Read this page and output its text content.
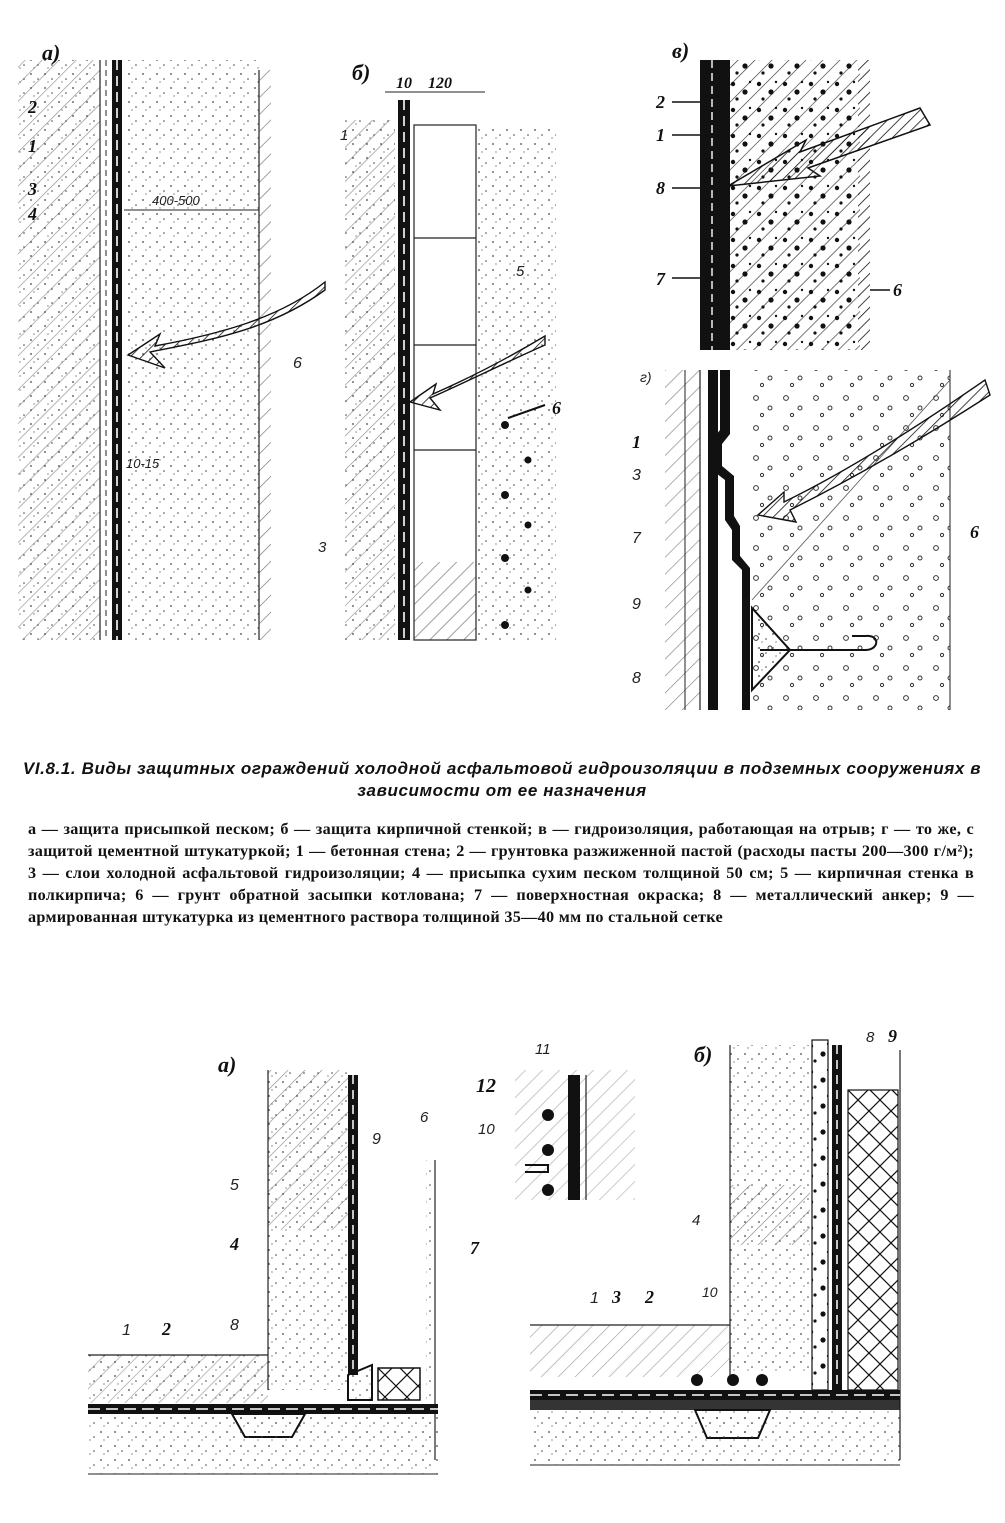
а)
2
1
3
4
6
400-500
10-15
б) 10 120
1
5
6
3
в)
2
1
8
7
6
г)
1
3
7
9
8
6
а)
5
4
1 2	8
9
7
6
12
б)
11
10
4
1 3 2	10
8 9
VI.8.1. Виды защитных ограждений холодной асфальтовой гидроизоляции в подземных сооружениях в зависимости от ее назначения
а — защита присыпкой песком; б — защита кирпичной стенкой; в — гидроизоляция, работающая на отрыв; г — то же, с защитой цементной штукатуркой; 1 — бетонная стена; 2 — грунтовка разжиженной пастой (расходы пасты 200—300 г/м²); 3 — слои холодной асфальтовой гидроизоляции; 4 — присыпка сухим песком толщиной 50 см; 5 — кирпичная стенка в полкирпича; 6 — грунт обратной засыпки котлована; 7 — поверхностная окраска; 8 — металлический анкер; 9 — армированная штукатурка из цементного раствора толщиной 35—40 мм по стальной сетке
